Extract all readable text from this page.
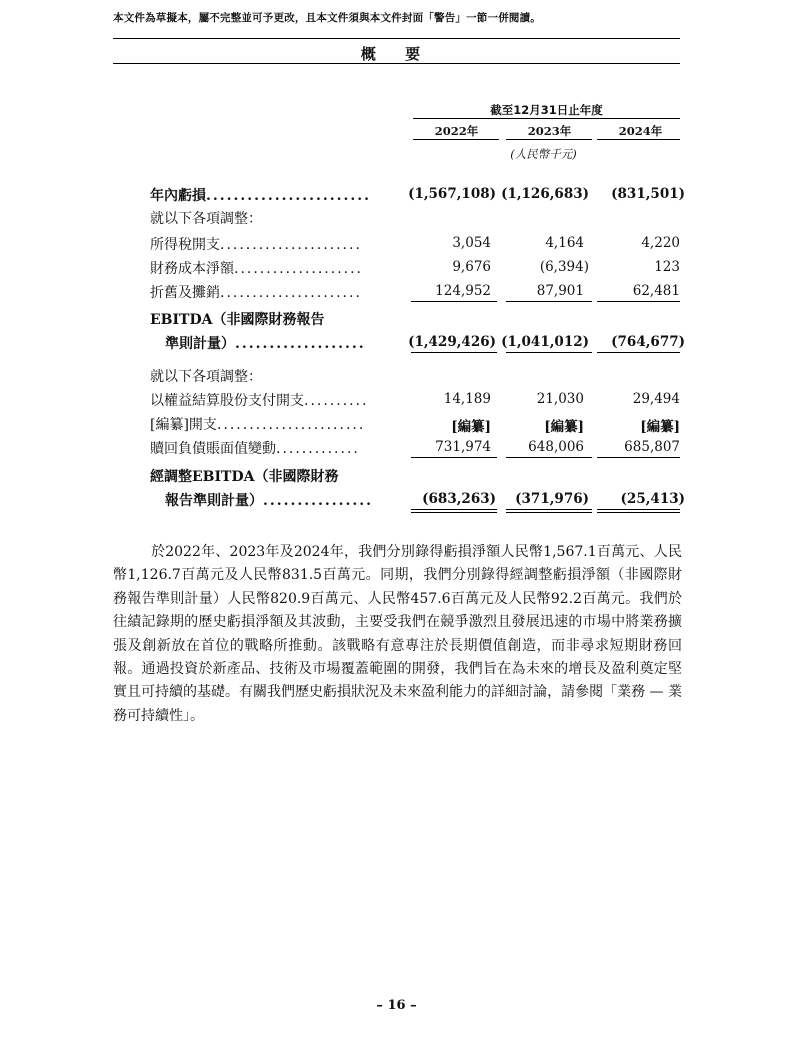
本文件為草擬本，屬不完整並可予更改，且本文件須與本文件封面「警告」一節一併閱讀。
概 要
截至12月31日止年度
2022年	2023年	2024年
(人民幣千元)
年內虧損........................	(1,567,108) (1,126,683)	(831,501)
就以下各項調整：
所得稅開支......................	3,054	4,164	4,220
財務成本淨額....................	9,676	(6,394)	123
折舊及攤銷......................	124,952	87,901	62,481
EBITDA（非國際財務報告
準則計量）...................	(1,429,426) (1,041,012)	(764,677)
就以下各項調整：
以權益結算股份支付開支..........	14,189	21,030	29,494
[編纂]開支.......................	[編纂]	[編纂]	[編纂]
贖回負債賬面值變動.............	731,974	648,006	685,807
經調整EBITDA（非國際財務
報告準則計量）................	(683,263)	(371,976)	(25,413)
於2022年、2023年及2024年，我們分別錄得虧損淨額人民幣1,567.1百萬元、人民幣1,126.7百萬元及人民幣831.5百萬元。同期，我們分別錄得經調整虧損淨額（非國際財務報告準則計量）人民幣820.9百萬元、人民幣457.6百萬元及人民幣92.2百萬元。我們於往績記錄期的歷史虧損淨額及其波動，主要受我們在競爭激烈且發展迅速的市場中將業務擴張及創新放在首位的戰略所推動。該戰略有意專注於長期價值創造，而非尋求短期財務回報。通過投資於新產品、技術及市場覆蓋範圍的開發，我們旨在為未來的增長及盈利奠定堅實且可持續的基礎。有關我們歷史虧損狀況及未來盈利能力的詳細討論，請參閱「業務 — 業務可持續性」。
– 16 –
